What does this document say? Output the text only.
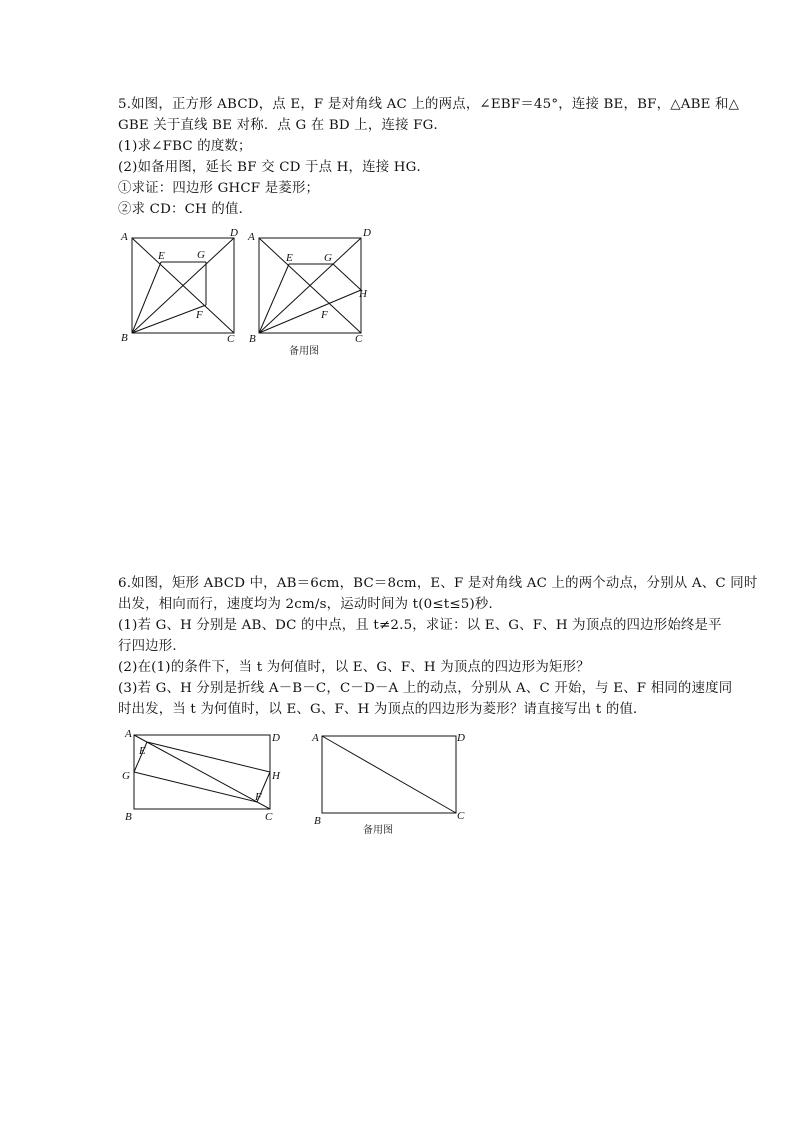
5.如图，正方形 ABCD，点 E，F 是对角线 AC 上的两点，∠EBF＝45°，连接 BE，BF，△ABE 和△
GBE 关于直线 BE 对称．点 G 在 BD 上，连接 FG．
(1)求∠FBC 的度数；
(2)如备用图，延长 BF 交 CD 于点 H，连接 HG．
①求证：四边形 GHCF 是菱形；
②求 CD：CH 的值．
A	D
E	G
F
B	C
A	D
E	G
H
F
B	C
备用图
6.如图，矩形 ABCD 中，AB＝6cm，BC＝8cm，E、F 是对角线 AC 上的两个动点，分别从 A、C 同时
出发，相向而行，速度均为 2cm/s，运动时间为 t(0≤t≤5)秒．
(1)若 G、H 分别是 AB、DC 的中点，且 t≠2.5，求证：以 E、G、F、H 为顶点的四边形始终是平
行四边形．
(2)在(1)的条件下，当 t 为何值时，以 E、G、F、H 为顶点的四边形为矩形？
(3)若 G、H 分别是折线 A－B－C，C－D－A 上的动点，分别从 A、C 开始，与 E、F 相同的速度同
时出发，当 t 为何值时，以 E、G、F、H 为顶点的四边形为菱形？请直接写出 t 的值．
A	D
E
G	H
F
B	C
A	D
B	C
备用图
